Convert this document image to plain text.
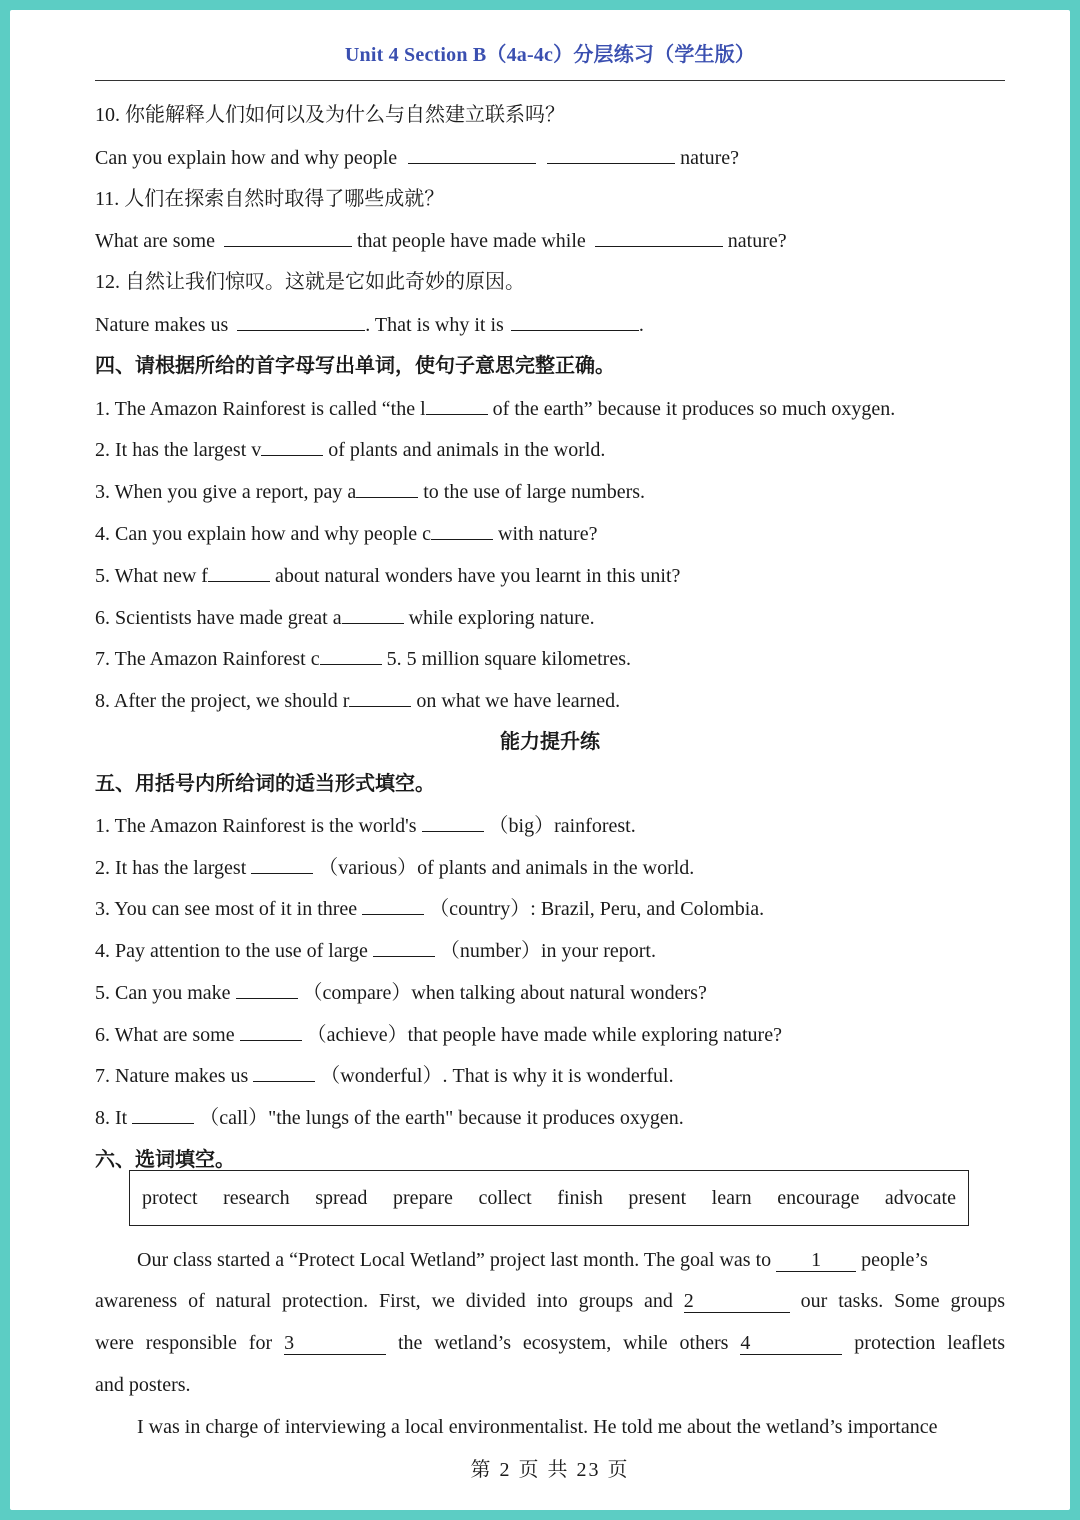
Unit 4 Section B（4a-4c）分层练习（学生版）
10. 你能解释人们如何以及为什么与自然建立联系吗？
Can you explain how and why people	nature?
11. 人们在探索自然时取得了哪些成就？
What are some	that people have made while	nature?
12. 自然让我们惊叹。这就是它如此奇妙的原因。
Nature makes us	. That is why it is	.
四、请根据所给的首字母写出单词，使句子意思完整正确。
1. The Amazon Rainforest is called “the l	of the earth” because it produces so much oxygen.
2. It has the largest v	of plants and animals in the world.
3. When you give a report, pay a	to the use of large numbers.
4. Can you explain how and why people c	with nature?
5. What new f	about natural wonders have you learnt in this unit?
6. Scientists have made great a	while exploring nature.
7. The Amazon Rainforest c	5. 5 million square kilometres.
8. After the project, we should r	on what we have learned.
能力提升练
五、用括号内所给词的适当形式填空。
1. The Amazon Rainforest is the world's	（big）rainforest.
2. It has the largest	（various）of plants and animals in the world.
3. You can see most of it in three	（country）: Brazil, Peru, and Colombia.
4. Pay attention to the use of large	（number）in your report.
5. Can you make	（compare）when talking about natural wonders?
6. What are some	（achieve）that people have made while exploring nature?
7. Nature makes us	（wonderful）. That is why it is wonderful.
8. It	（call）"the lungs of the earth" because it produces oxygen.
六、选词填空。
protect research spread prepare collect finish present learn encourage advocate
Our class started a “Protect Local Wetland” project last month. The goal was to 1 people’s
awareness of natural protection. First, we divided into groups and 2	our tasks. Some groups
were responsible for 3	the wetland’s ecosystem, while others 4	protection leaflets
and posters.
I was in charge of interviewing a local environmentalist. He told me about the wetland’s importance
第 2 页 共 23 页
